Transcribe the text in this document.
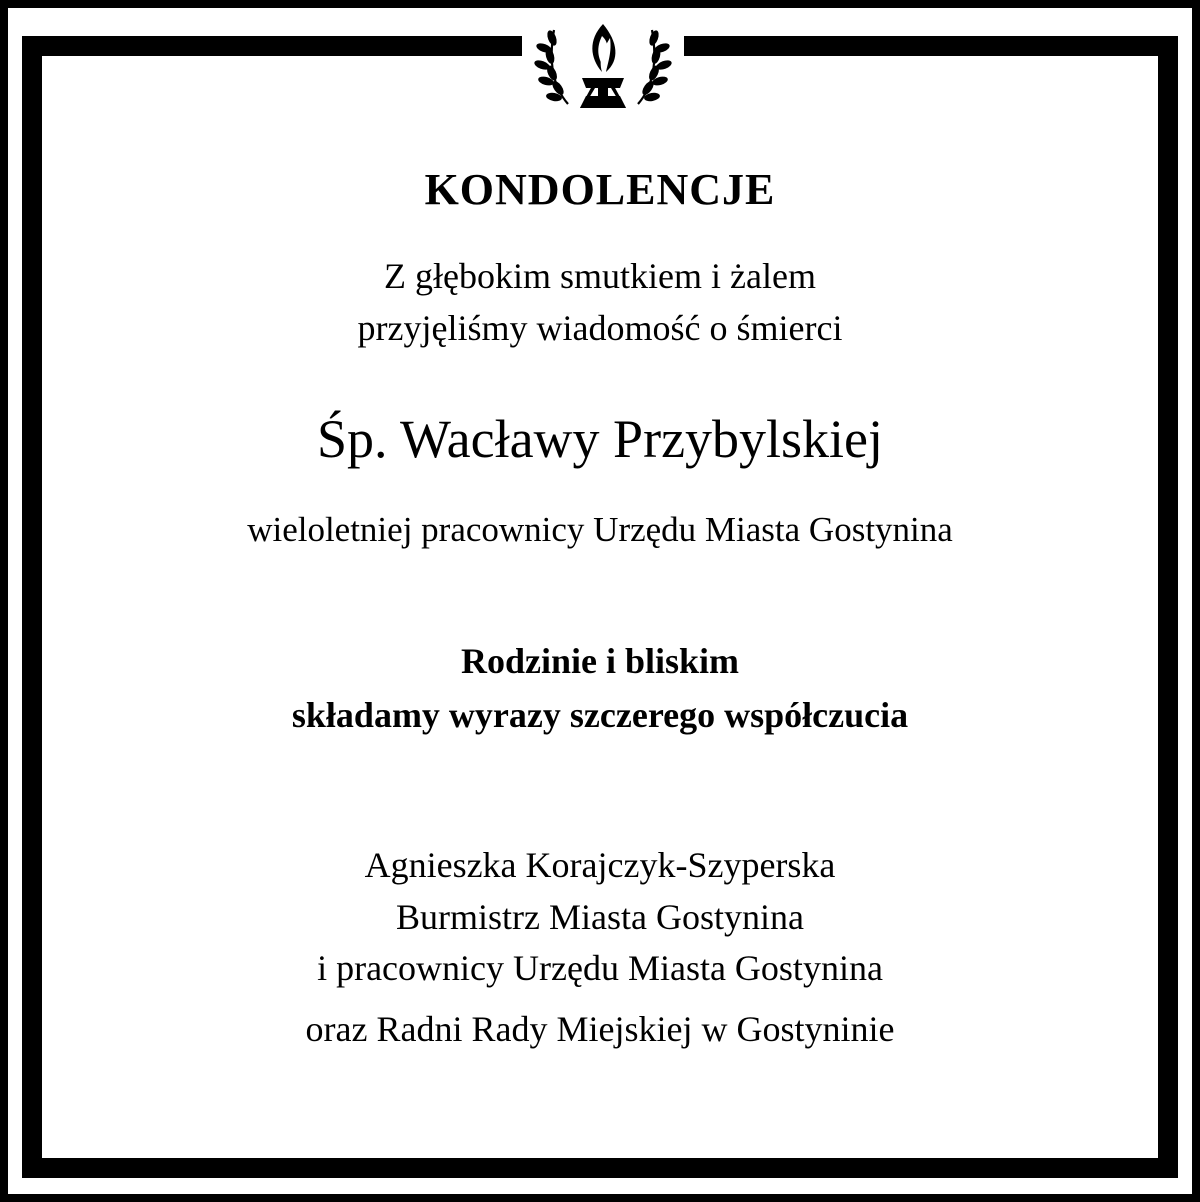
KONDOLENCJE

Z głębokim smutkiem i żalem

przyjęliśmy wiadomość o śmierci

Śp. Wacławy Przybylskiej

wieloletniej pracownicy Urzędu Miasta Gostynina

Rodzinie i bliskim

składamy wyrazy szczerego współczucia

Agnieszka Korajczyk-Szyperska

Burmistrz Miasta Gostynina

i pracownicy Urzędu Miasta Gostynina

oraz Radni Rady Miejskiej w Gostyninie
